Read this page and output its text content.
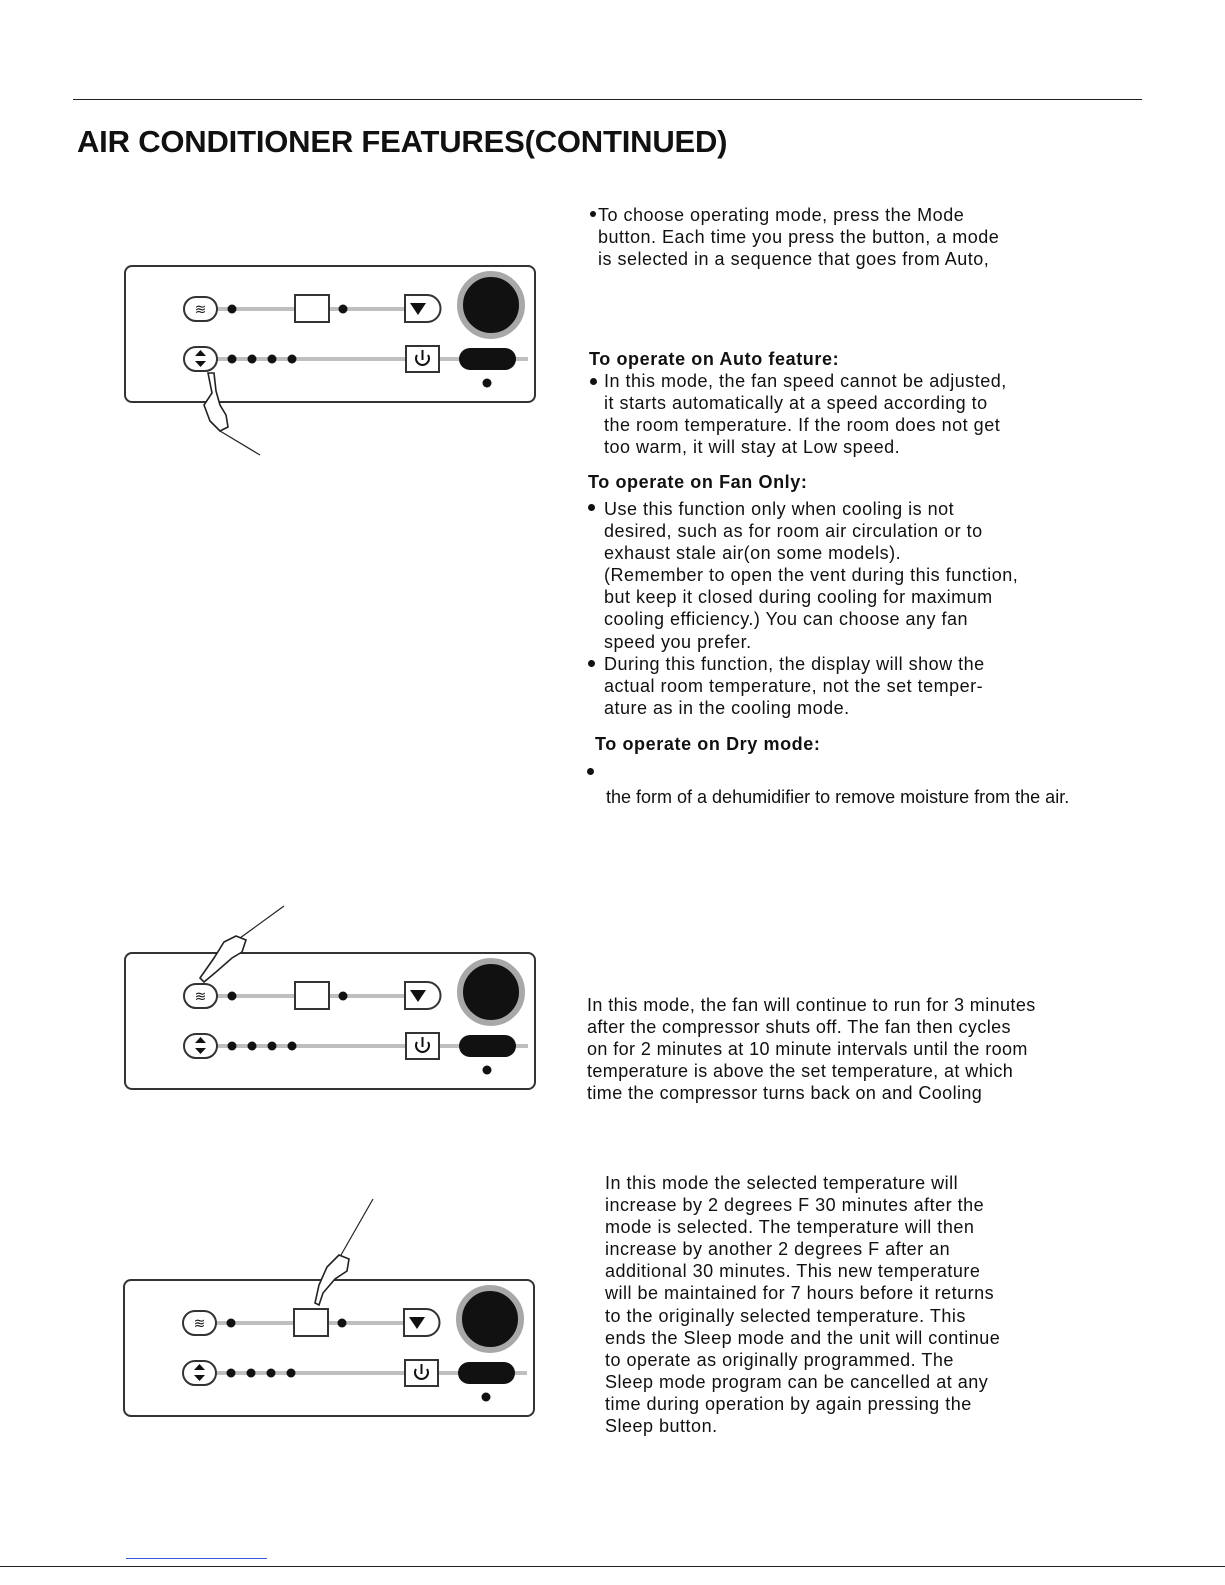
AIR CONDITIONER FEATURES(CONTINUED)

To choose operating mode, press the Mode

button. Each time you press the button, a mode

is selected in a sequence that goes from Auto,

To operate on Auto feature:

In this mode, the fan speed cannot be adjusted,

it starts automatically at a speed according to

the room temperature. If the room does not get

too warm, it will stay at Low speed.

To operate on Fan Only:

Use this function only when cooling is not

desired, such as for room air circulation or to

exhaust stale air(on some models).

(Remember to open the vent during this function,

but keep it closed during cooling for maximum

cooling efficiency.) You can choose any fan

speed you prefer.

During this function, the display will show the

actual room temperature, not the set temper-

ature as in the cooling mode.

To operate on Dry mode:

the form of a dehumidifier to remove moisture from the air.

In this mode, the fan will continue to run for 3 minutes

after the compressor shuts off. The fan then cycles

on for 2 minutes at 10 minute intervals until the room

temperature is above the set temperature, at which

time the compressor turns back on and Cooling

In this mode the selected temperature will

increase by 2 degrees F 30 minutes after the

mode is selected. The temperature will then

increase by another 2 degrees F after an

additional 30 minutes. This new temperature

will be maintained for 7 hours before it returns

to the originally selected temperature. This

ends the Sleep mode and the unit will continue

to operate as originally programmed. The

Sleep mode program can be cancelled at any

time during operation by again pressing the

Sleep button.

≋
≋
≋
